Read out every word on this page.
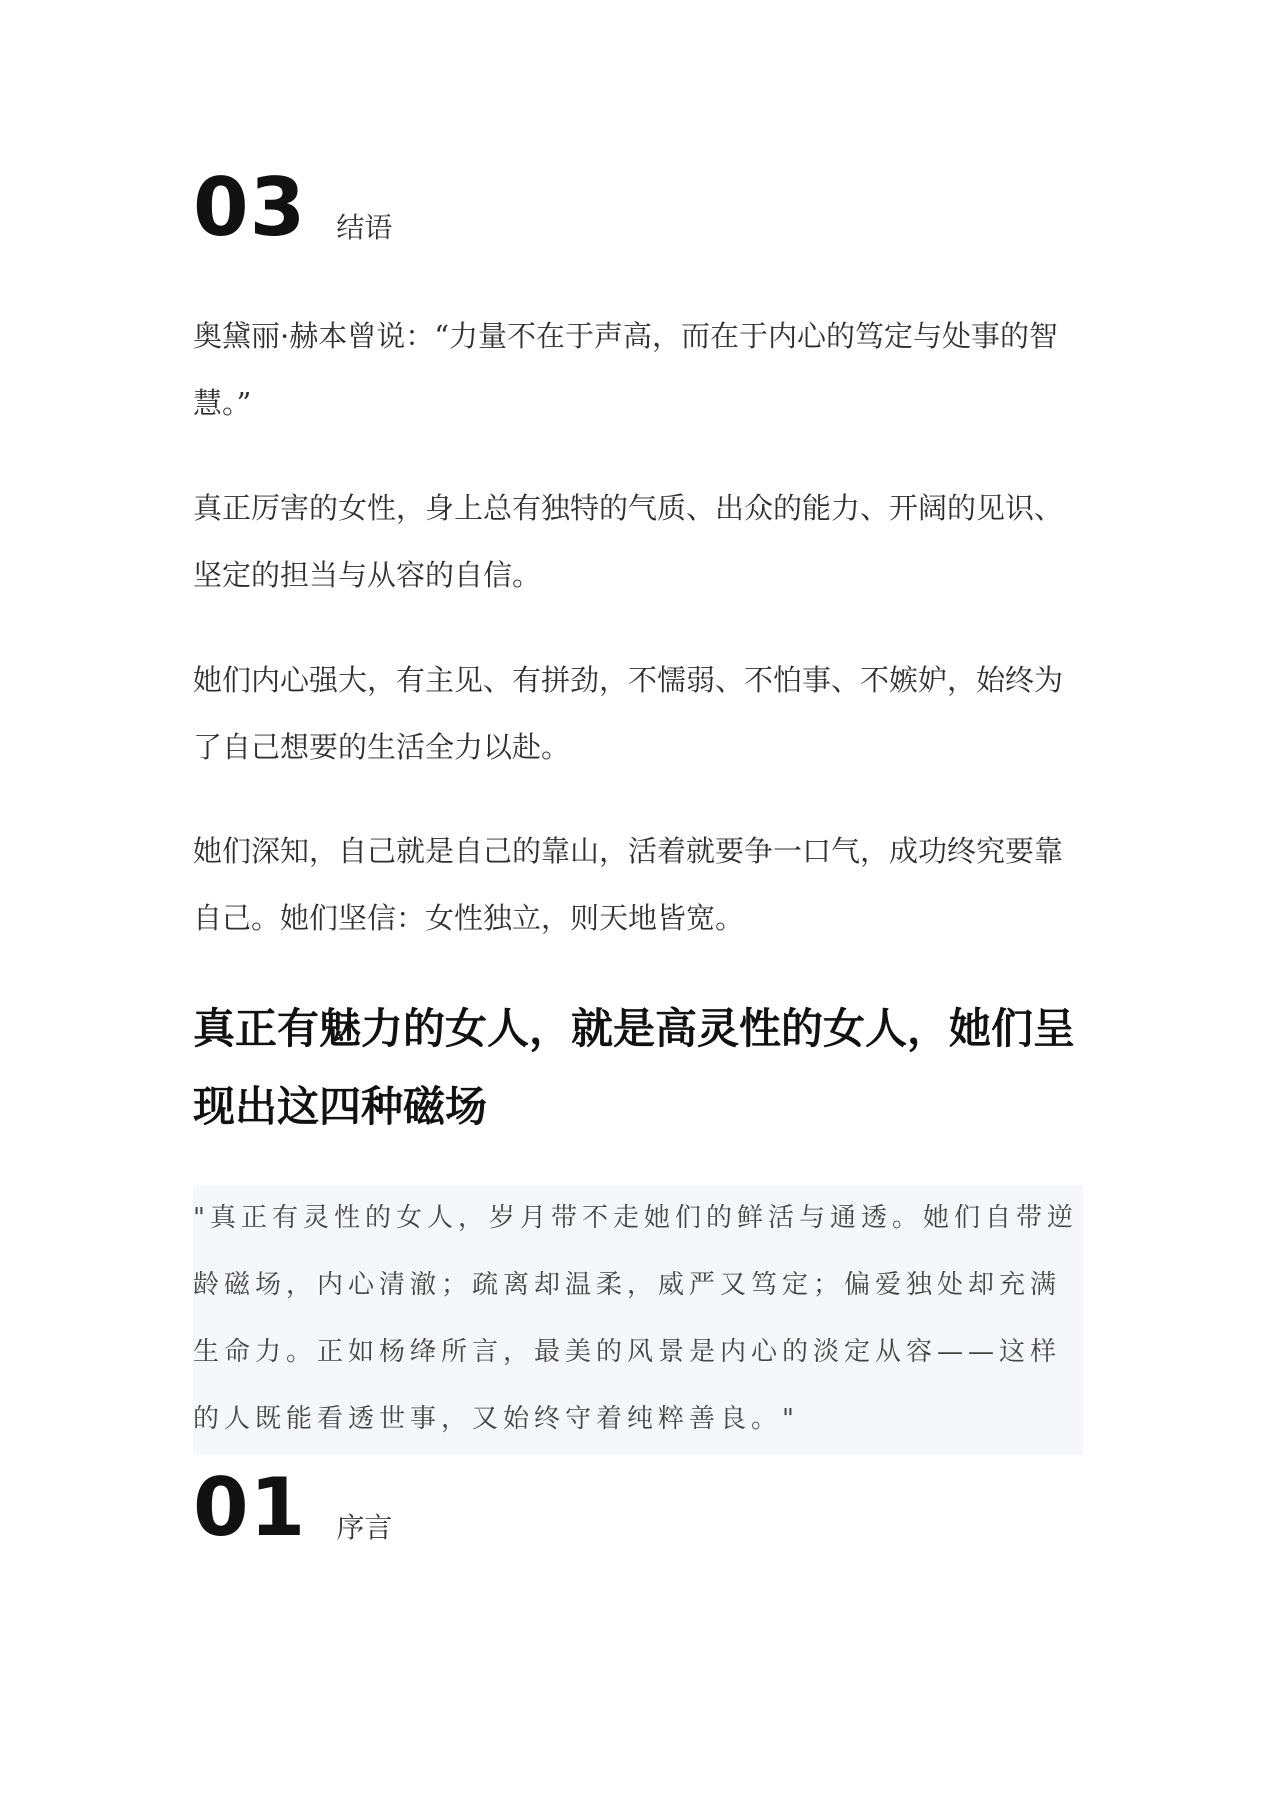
03 结语

奥黛丽·赫本曾说：“力量不在于声高，而在于内心的笃定与处事的智慧。”

真正厉害的女性，身上总有独特的气质、出众的能力、开阔的见识、坚定的担当与从容的自信。

她们内心强大，有主见、有拼劲，不懦弱、不怕事、不嫉妒，始终为了自己想要的生活全力以赴。

她们深知，自己就是自己的靠山，活着就要争一口气，成功终究要靠自己。她们坚信：女性独立，则天地皆宽。

真正有魅力的女人，就是高灵性的女人，她们呈现出这四种磁场

"真正有灵性的女人，岁月带不走她们的鲜活与通透。她们自带逆龄磁场，内心清澈；疏离却温柔，威严又笃定；偏爱独处却充满生命力。正如杨绛所言，最美的风景是内心的淡定从容——这样的人既能看透世事，又始终守着纯粹善良。"

01 序言
